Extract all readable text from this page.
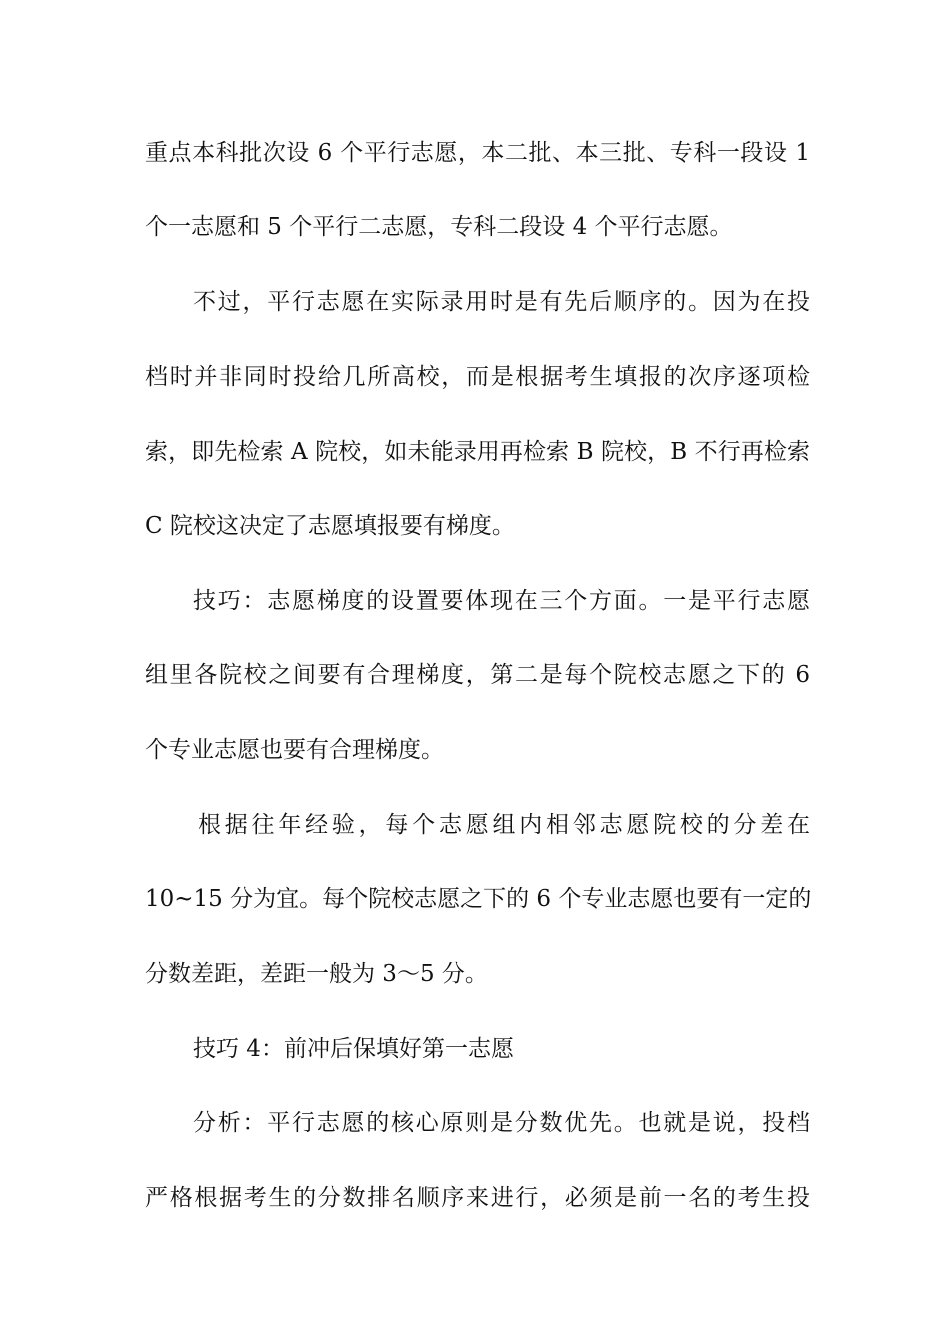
重点本科批次设 6 个平行志愿，本二批、本三批、专科一段设 1
个一志愿和 5 个平行二志愿，专科二段设 4 个平行志愿。
不过，平行志愿在实际录用时是有先后顺序的。因为在投
档时并非同时投给几所高校，而是根据考生填报的次序逐项检
索，即先检索 A 院校，如未能录用再检索 B 院校，B 不行再检索
C 院校这决定了志愿填报要有梯度。
技巧：志愿梯度的设置要体现在三个方面。一是平行志愿
组里各院校之间要有合理梯度，第二是每个院校志愿之下的 6
个专业志愿也要有合理梯度。
根据往年经验，每个志愿组内相邻志愿院校的分差在
10~15 分为宜。每个院校志愿之下的 6 个专业志愿也要有一定的
分数差距，差距一般为 3～5 分。
技巧 4：前冲后保填好第一志愿
分析：平行志愿的核心原则是分数优先。也就是说，投档
严格根据考生的分数排名顺序来进行，必须是前一名的考生投
